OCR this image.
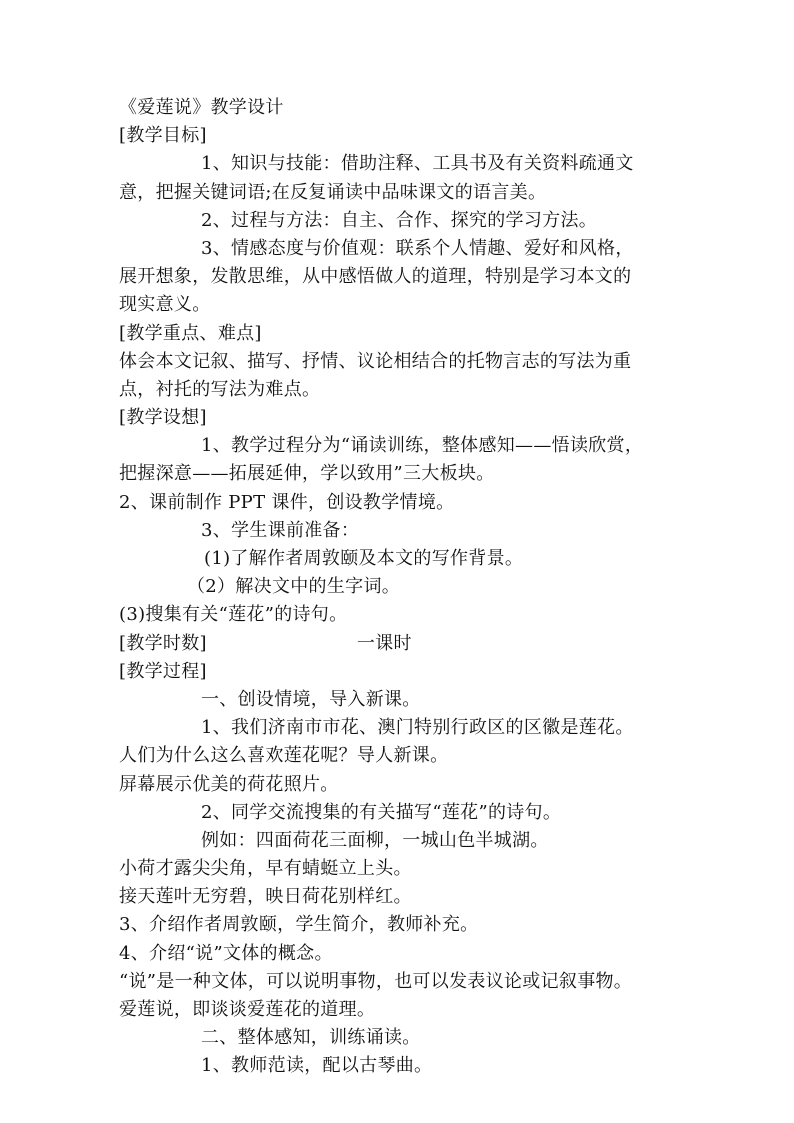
《爱莲说》教学设计
[教学目标]
1、知识与技能：借助注释、工具书及有关资料疏通文
意，把握关键词语;在反复诵读中品味课文的语言美。
2、过程与方法：自主、合作、探究的学习方法。
3、情感态度与价值观：联系个人情趣、爱好和风格，
展开想象，发散思维，从中感悟做人的道理，特别是学习本文的
现实意义。
[教学重点、难点]
体会本文记叙、描写、抒情、议论相结合的托物言志的写法为重
点，衬托的写法为难点。
[教学设想]
1、教学过程分为“诵读训练，整体感知——悟读欣赏，
把握深意——拓展延伸，学以致用”三大板块。
2、课前制作 PPT 课件，创设教学情境。
3、学生课前准备：
(1)了解作者周敦颐及本文的写作背景。
（2）解决文中的生字词。
(3)搜集有关“莲花”的诗句。
[教学时数]	一课时
[教学过程]
一、创设情境，导入新课。
1、我们济南市市花、澳门特别行政区的区徽是莲花。
人们为什么这么喜欢莲花呢？导人新课。
屏幕展示优美的荷花照片。
2、同学交流搜集的有关描写“莲花”的诗句。
例如：四面荷花三面柳，一城山色半城湖。
小荷才露尖尖角，早有蜻蜓立上头。
接天莲叶无穷碧，映日荷花别样红。
3、介绍作者周敦颐，学生简介，教师补充。
4、介绍“说”文体的概念。
“说”是一种文体，可以说明事物，也可以发表议论或记叙事物。
爱莲说，即谈谈爱莲花的道理。
二、整体感知，训练诵读。
1、教师范读，配以古琴曲。
